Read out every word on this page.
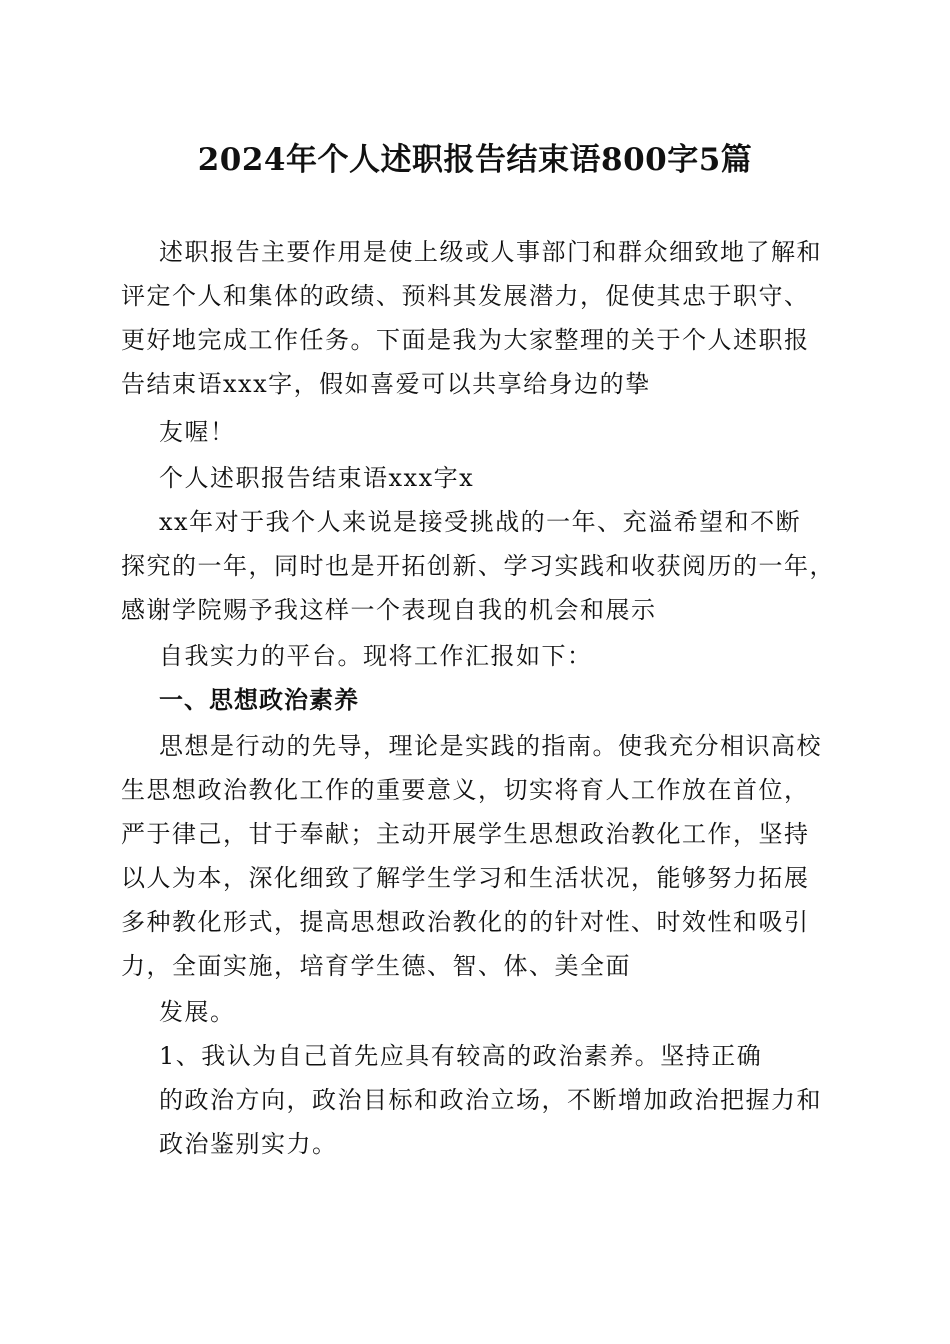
2024年个人述职报告结束语800字5篇
述职报告主要作用是使上级或人事部门和群众细致地了解和
评定个人和集体的政绩、预料其发展潜力，促使其忠于职守、
更好地完成工作任务。下面是我为大家整理的关于个人述职报
告结束语xxx字，假如喜爱可以共享给身边的挚
友喔！
个人述职报告结束语xxx字x
xx年对于我个人来说是接受挑战的一年、充溢希望和不断
探究的一年，同时也是开拓创新、学习实践和收获阅历的一年，
感谢学院赐予我这样一个表现自我的机会和展示
自我实力的平台。现将工作汇报如下：
一、思想政治素养
思想是行动的先导，理论是实践的指南。使我充分相识高校
生思想政治教化工作的重要意义，切实将育人工作放在首位，
严于律己，甘于奉献；主动开展学生思想政治教化工作，坚持
以人为本，深化细致了解学生学习和生活状况，能够努力拓展
多种教化形式，提高思想政治教化的的针对性、时效性和吸引
力，全面实施，培育学生德、智、体、美全面
发展。
1、我认为自己首先应具有较高的政治素养。坚持正确
的政治方向，政治目标和政治立场，不断增加政治把握力和
政治鉴别实力。
